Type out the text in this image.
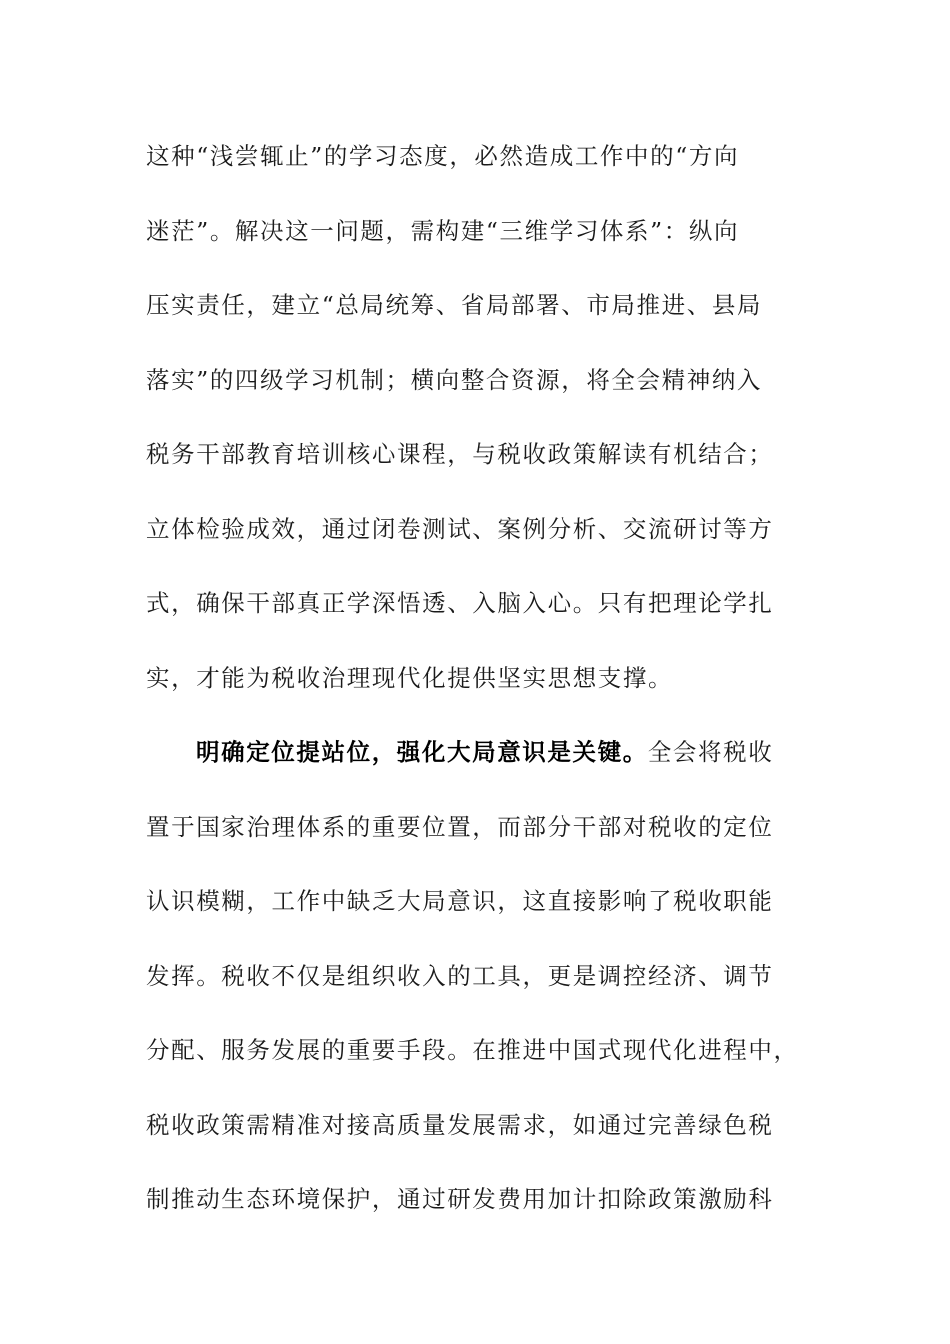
这种“浅尝辄止”的学习态度，必然造成工作中的“方向
迷茫”。解决这一问题，需构建“三维学习体系”：纵向
压实责任，建立“总局统筹、省局部署、市局推进、县局
落实”的四级学习机制；横向整合资源，将全会精神纳入
税务干部教育培训核心课程，与税收政策解读有机结合；
立体检验成效，通过闭卷测试、案例分析、交流研讨等方
式，确保干部真正学深悟透、入脑入心。只有把理论学扎
实，才能为税收治理现代化提供坚实思想支撑。
明确定位提站位，强化大局意识是关键。全会将税收
置于国家治理体系的重要位置，而部分干部对税收的定位
认识模糊，工作中缺乏大局意识，这直接影响了税收职能
发挥。税收不仅是组织收入的工具，更是调控经济、调节
分配、服务发展的重要手段。在推进中国式现代化进程中，
税收政策需精准对接高质量发展需求，如通过完善绿色税
制推动生态环境保护，通过研发费用加计扣除政策激励科
